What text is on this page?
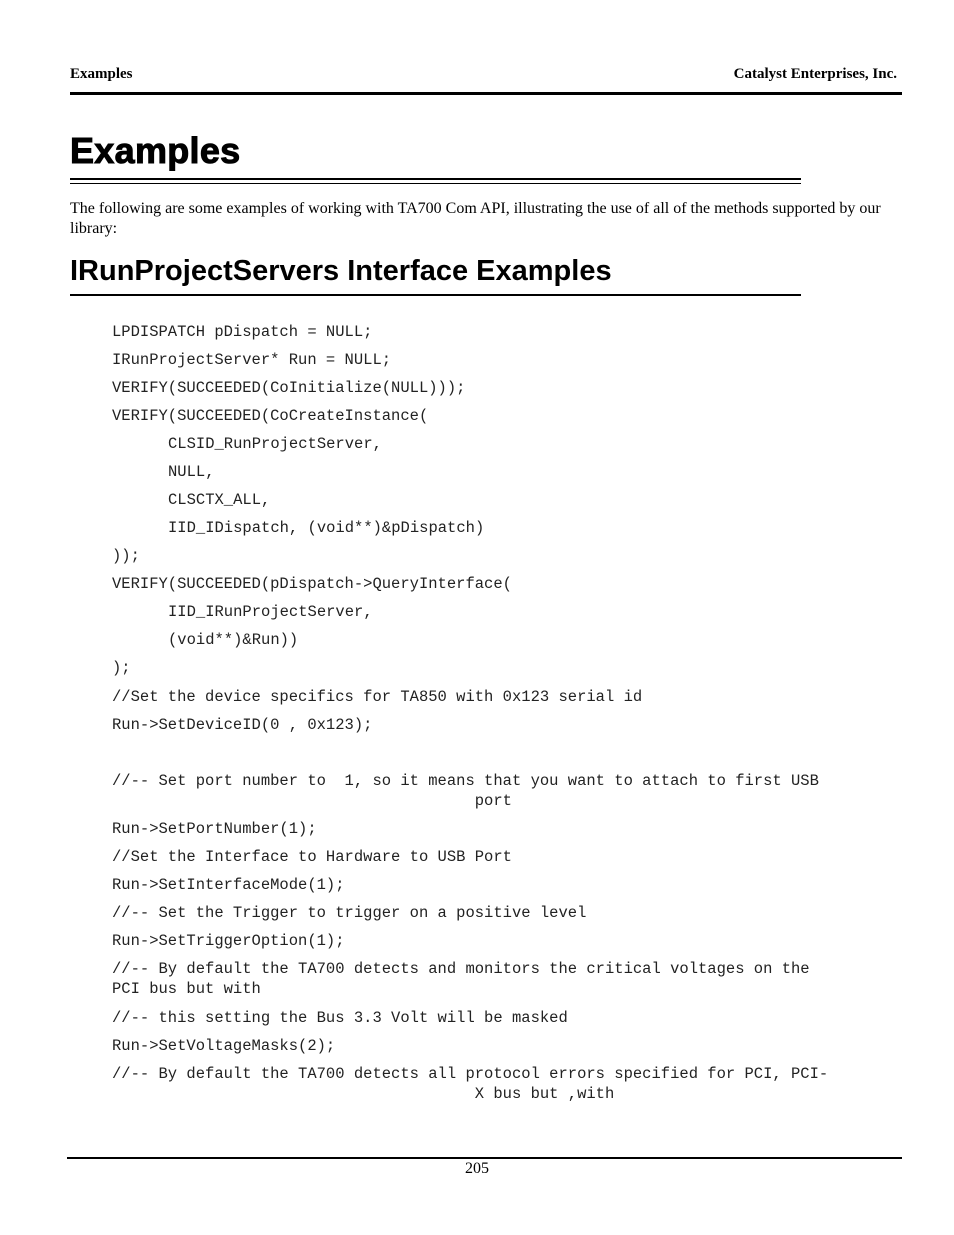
Examples	Catalyst Enterprises, Inc.
Examples
The following are some examples of working with TA700 Com API, illustrating the use of all of the methods supported by our library:
IRunProjectServers Interface Examples
LPDISPATCH pDispatch = NULL;
IRunProjectServer* Run = NULL;
VERIFY(SUCCEEDED(CoInitialize(NULL)));
VERIFY(SUCCEEDED(CoCreateInstance(
CLSID_RunProjectServer,
NULL,
CLSCTX_ALL,
IID_IDispatch, (void**)&pDispatch)
));
VERIFY(SUCCEEDED(pDispatch->QueryInterface(
IID_IRunProjectServer,
(void**)&Run))
);
//Set the device specifics for TA850 with 0x123 serial id
Run->SetDeviceID(0 , 0x123);
//-- Set port number to  1, so it means that you want to attach to first USB
port
Run->SetPortNumber(1);
//Set the Interface to Hardware to USB Port
Run->SetInterfaceMode(1);
//-- Set the Trigger to trigger on a positive level
Run->SetTriggerOption(1);
//-- By default the TA700 detects and monitors the critical voltages on the
PCI bus but with
//-- this setting the Bus 3.3 Volt will be masked
Run->SetVoltageMasks(2);
//-- By default the TA700 detects all protocol errors specified for PCI, PCI-
X bus but ,with
205
